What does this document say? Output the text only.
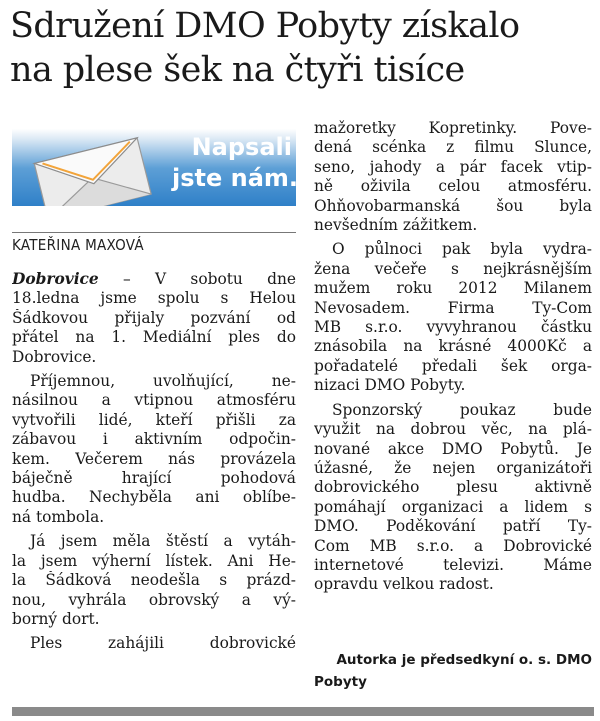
Sdružení DMO Pobyty získalo
na plese šek na čtyři tisíce
Napsali
jste nám...
KATEŘINA MAXOVÁ
Dobrovice – V sobotu dne
18.ledna jsme spolu s Helou
Šádkovou přijaly pozvání od
přátel na 1. Mediální ples do
Dobrovice.
Příjemnou, uvolňující, ne-
násilnou a vtipnou atmosféru
vytvořili lidé, kteří přišli za
zábavou i aktivním odpočin-
kem. Večerem nás provázela
báječně hrající pohodová
hudba. Nechyběla ani oblíbe-
ná tombola.
Já jsem měla štěstí a vytáh-
la jsem výherní lístek. Ani He-
la Šádková neodešla s prázd-
nou, vyhrála obrovský a vý-
borný dort.
Ples zahájili dobrovické
mažoretky Kopretinky. Pove-
dená scénka z filmu Slunce,
seno, jahody a pár facek vtip-
ně oživila celou atmosféru.
Ohňovobarmanská šou byla
nevšedním zážitkem.
O půlnoci pak byla vydra-
žena večeře s nejkrásnějším
mužem roku 2012 Milanem
Nevosadem. Firma Ty-Com
MB s.r.o. vyvyhranou částku
znásobila na krásné 4000Kč a
pořadatelé předali šek orga-
nizaci DMO Pobyty.
Sponzorský poukaz bude
využit na dobrou věc, na plá-
nované akce DMO Pobytů. Je
úžasné, že nejen organizátoři
dobrovického plesu aktivně
pomáhají organizaci a lidem s
DMO. Poděkování patří Ty-
Com MB s.r.o. a Dobrovické
internetové televizi. Máme
opravdu velkou radost.
Autorka je předsedkyní o. s. DMO
Pobyty
